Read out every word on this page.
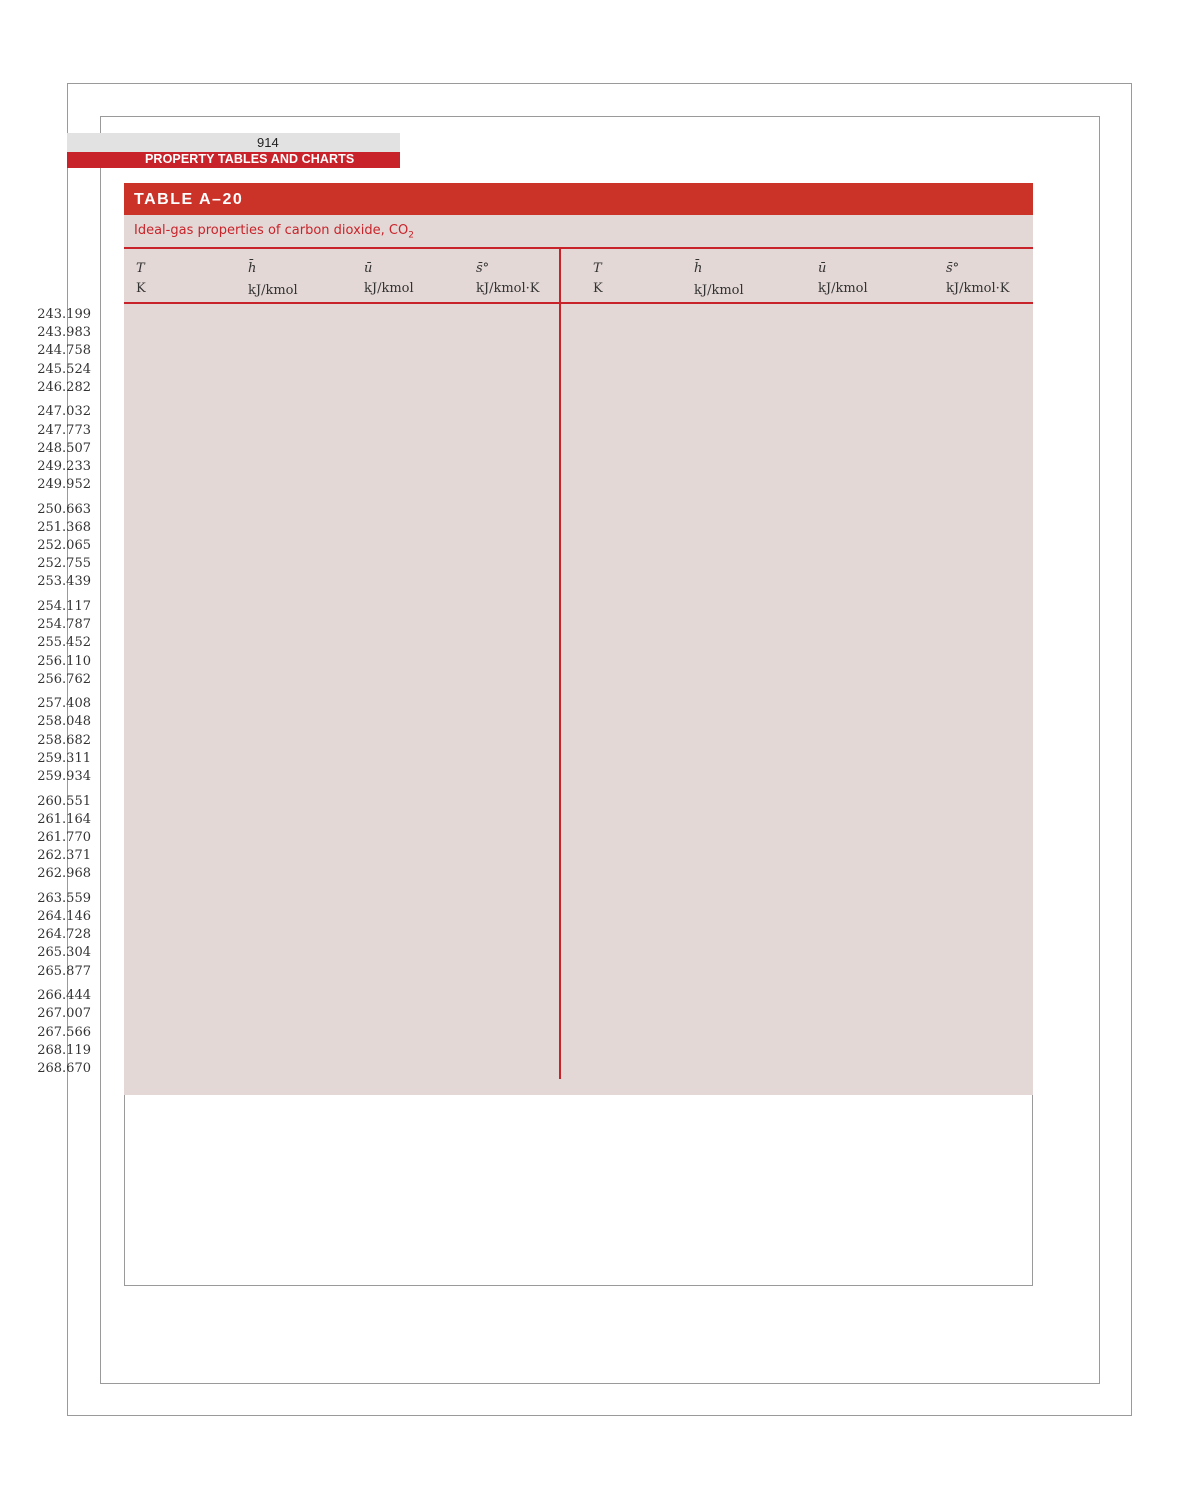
914
PROPERTY TABLES AND CHARTS
TABLE A–20
Ideal-gas properties of carbon dioxide, $CO_2$
T
K
h̄
kJ/kmol
ū
kJ/kmol
s̄°
kJ/kmol·K
T
K
h̄
kJ/kmol
ū
kJ/kmol
s̄°
kJ/kmol·K
243.199
243.983
244.758
245.524
246.282
247.032
247.773
248.507
249.233
249.952
250.663
251.368
252.065
252.755
253.439
254.117
254.787
255.452
256.110
256.762
257.408
258.048
258.682
259.311
259.934
260.551
261.164
261.770
262.371
262.968
263.559
264.146
264.728
265.304
265.877
266.444
267.007
267.566
268.119
268.670
